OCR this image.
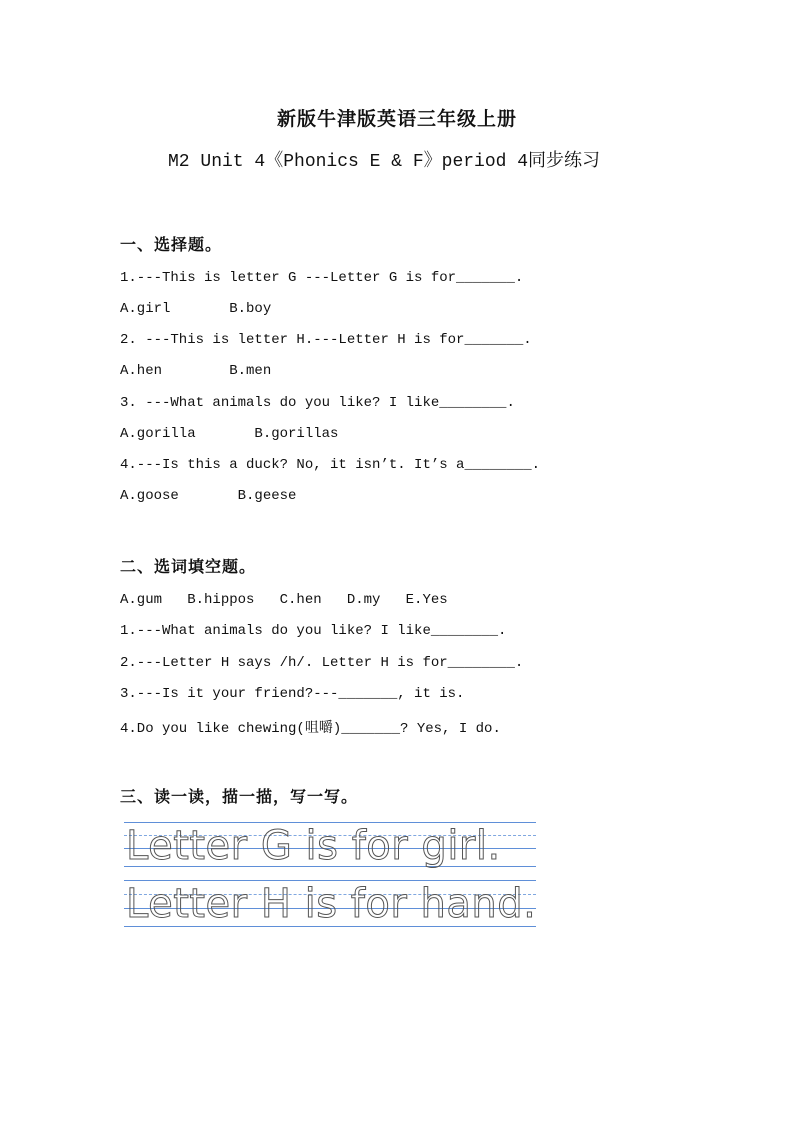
新版牛津版英语三年级上册
M2 Unit 4《Phonics E & F》period 4同步练习
一、选择题。
1.---This is letter G ---Letter G is for_______.
A.girl       B.boy
2. ---This is letter H.---Letter H is for_______.
A.hen        B.men
3. ---What animals do you like? I like________.
A.gorilla       B.gorillas
4.---Is this a duck? No, it isn’t. It’s a________.
A.goose       B.geese
二、选词填空题。
A.gum   B.hippos   C.hen   D.my   E.Yes
1.---What animals do you like? I like________.
2.---Letter H says /h/. Letter H is for________.
3.---Is it your friend?---_______, it is.
4.Do you like chewing(咀嚼)_______? Yes, I do.
三、读一读，描一描，写一写。
Letter G is for girl.
Letter H is for hand.
